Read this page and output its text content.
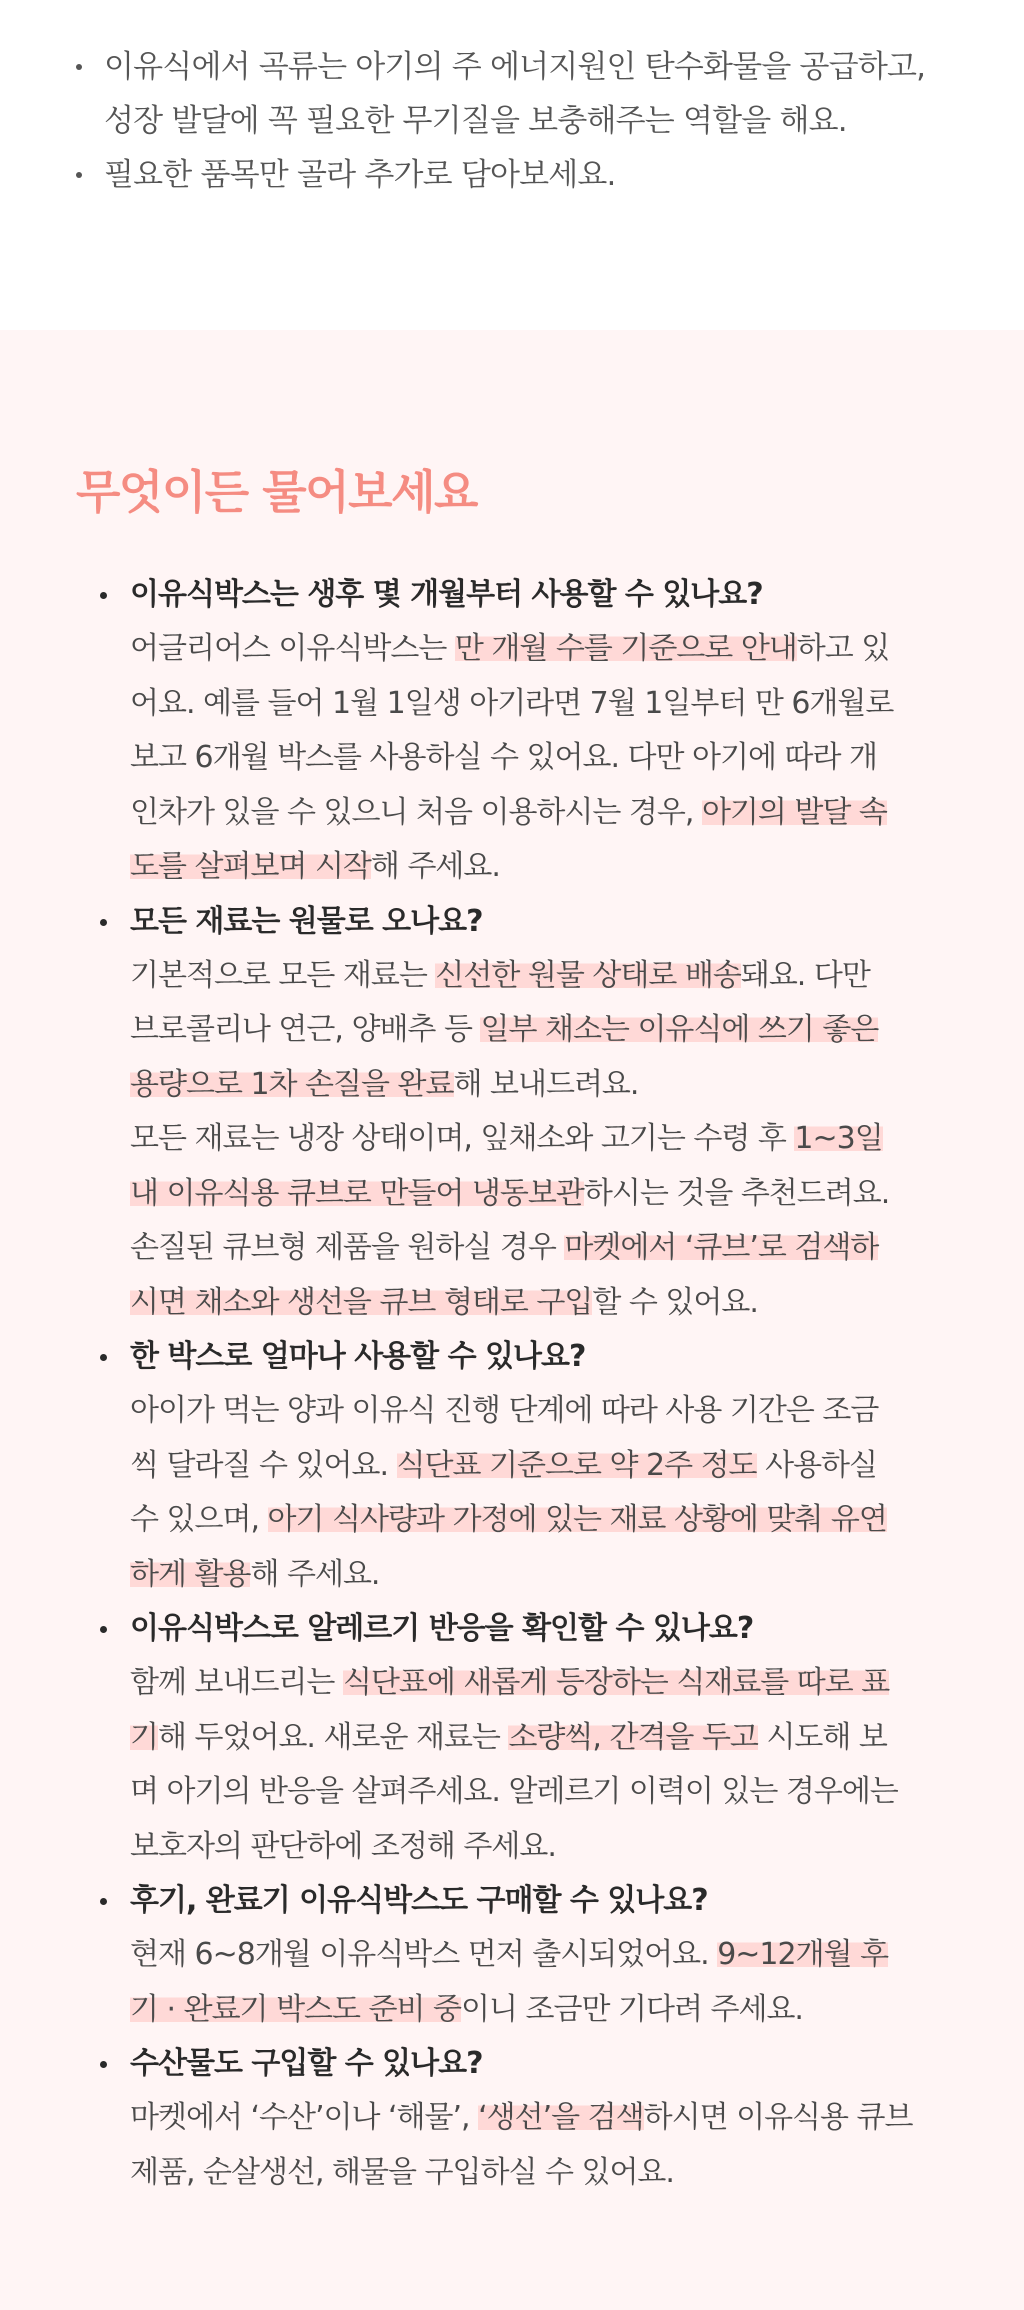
이유식에서 곡류는 아기의 주 에너지원인 탄수화물을 공급하고,
성장 발달에 꼭 필요한 무기질을 보충해주는 역할을 해요.
필요한 품목만 골라 추가로 담아보세요.
무엇이든 물어보세요
이유식박스는 생후 몇 개월부터 사용할 수 있나요?
어글리어스 이유식박스는 만 개월 수를 기준으로 안내하고 있
어요. 예를 들어 1월 1일생 아기라면 7월 1일부터 만 6개월로
보고 6개월 박스를 사용하실 수 있어요. 다만 아기에 따라 개
인차가 있을 수 있으니 처음 이용하시는 경우, 아기의 발달 속
도를 살펴보며 시작해 주세요.
모든 재료는 원물로 오나요?
기본적으로 모든 재료는 신선한 원물 상태로 배송돼요. 다만
브로콜리나 연근, 양배추 등 일부 채소는 이유식에 쓰기 좋은
용량으로 1차 손질을 완료해 보내드려요.
모든 재료는 냉장 상태이며, 잎채소와 고기는 수령 후 1~3일
내 이유식용 큐브로 만들어 냉동보관하시는 것을 추천드려요.
손질된 큐브형 제품을 원하실 경우 마켓에서 ‘큐브’로 검색하
시면 채소와 생선을 큐브 형태로 구입할 수 있어요.
한 박스로 얼마나 사용할 수 있나요?
아이가 먹는 양과 이유식 진행 단계에 따라 사용 기간은 조금
씩 달라질 수 있어요. 식단표 기준으로 약 2주 정도 사용하실
수 있으며, 아기 식사량과 가정에 있는 재료 상황에 맞춰 유연
하게 활용해 주세요.
이유식박스로 알레르기 반응을 확인할 수 있나요?
함께 보내드리는 식단표에 새롭게 등장하는 식재료를 따로 표
기해 두었어요. 새로운 재료는 소량씩, 간격을 두고 시도해 보
며 아기의 반응을 살펴주세요. 알레르기 이력이 있는 경우에는
보호자의 판단하에 조정해 주세요.
후기, 완료기 이유식박스도 구매할 수 있나요?
현재 6~8개월 이유식박스 먼저 출시되었어요. 9~12개월 후
기 · 완료기 박스도 준비 중이니 조금만 기다려 주세요.
수산물도 구입할 수 있나요?
마켓에서 ‘수산’이나 ‘해물’, ‘생선’을 검색하시면 이유식용 큐브
제품, 순살생선, 해물을 구입하실 수 있어요.
